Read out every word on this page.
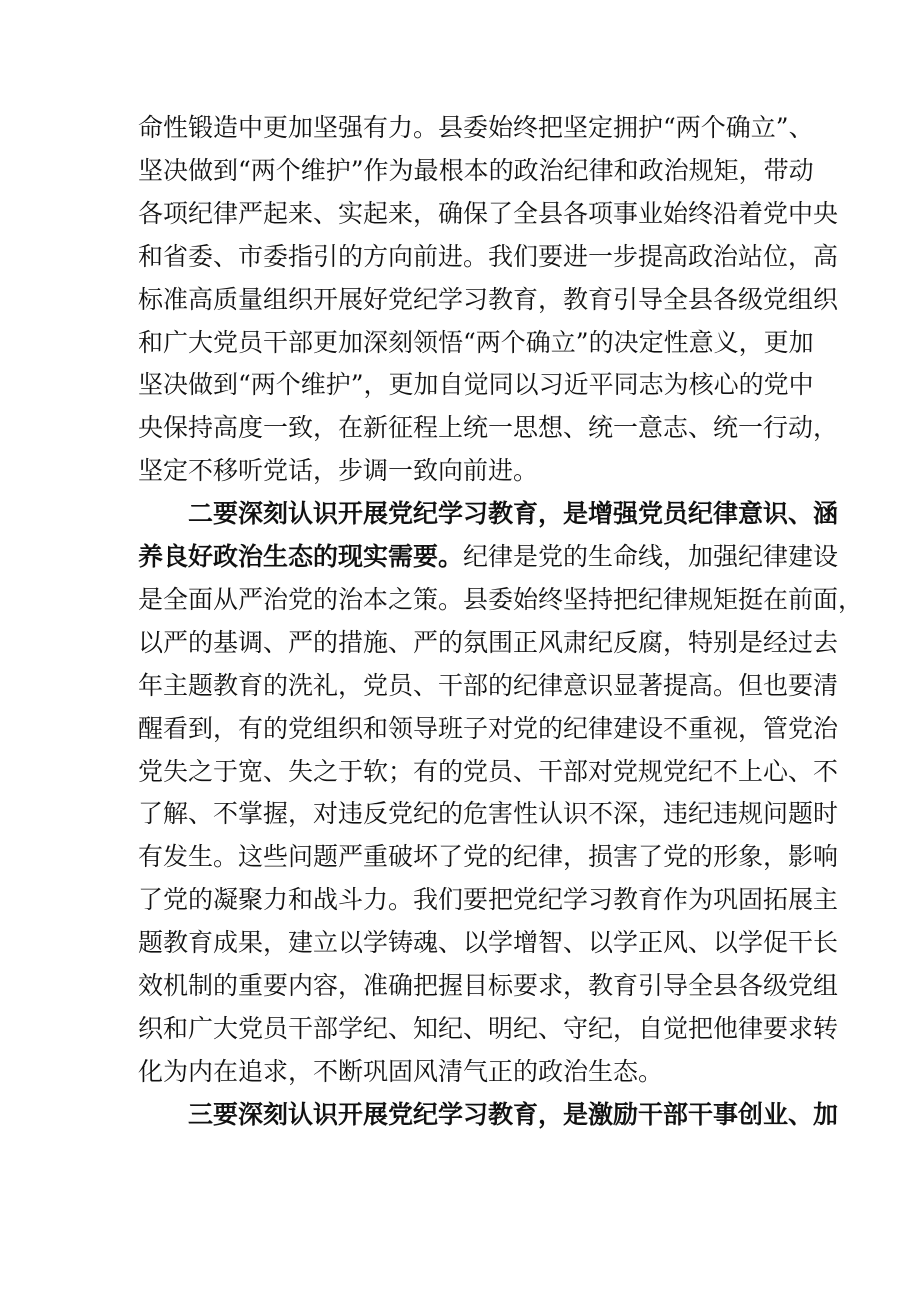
命性锻造中更加坚强有力。县委始终把坚定拥护“两个确立”、
坚决做到“两个维护”作为最根本的政治纪律和政治规矩，带动
各项纪律严起来、实起来，确保了全县各项事业始终沿着党中央
和省委、市委指引的方向前进。我们要进一步提高政治站位，高
标准高质量组织开展好党纪学习教育，教育引导全县各级党组织
和广大党员干部更加深刻领悟“两个确立”的决定性意义，更加
坚决做到“两个维护”，更加自觉同以习近平同志为核心的党中
央保持高度一致，在新征程上统一思想、统一意志、统一行动，
坚定不移听党话，步调一致向前进。
二要深刻认识开展党纪学习教育，是增强党员纪律意识、涵
养良好政治生态的现实需要。纪律是党的生命线，加强纪律建设
是全面从严治党的治本之策。县委始终坚持把纪律规矩挺在前面，
以严的基调、严的措施、严的氛围正风肃纪反腐，特别是经过去
年主题教育的洗礼，党员、干部的纪律意识显著提高。但也要清
醒看到，有的党组织和领导班子对党的纪律建设不重视，管党治
党失之于宽、失之于软；有的党员、干部对党规党纪不上心、不
了解、不掌握，对违反党纪的危害性认识不深，违纪违规问题时
有发生。这些问题严重破坏了党的纪律，损害了党的形象，影响
了党的凝聚力和战斗力。我们要把党纪学习教育作为巩固拓展主
题教育成果，建立以学铸魂、以学增智、以学正风、以学促干长
效机制的重要内容，准确把握目标要求，教育引导全县各级党组
织和广大党员干部学纪、知纪、明纪、守纪，自觉把他律要求转
化为内在追求，不断巩固风清气正的政治生态。
三要深刻认识开展党纪学习教育，是激励干部干事创业、加
